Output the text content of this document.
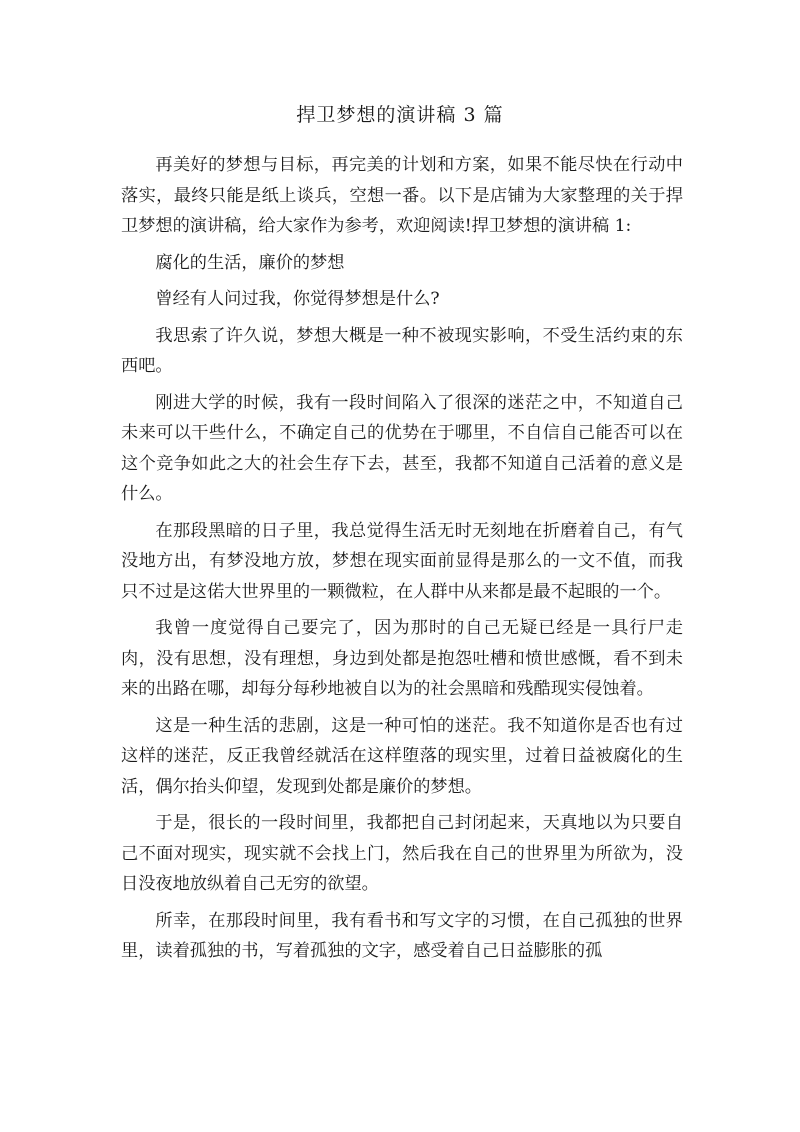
捍卫梦想的演讲稿 3 篇

再美好的梦想与目标，再完美的计划和方案，如果不能尽快在行动中落实，最终只能是纸上谈兵，空想一番。以下是店铺为大家整理的关于捍卫梦想的演讲稿，给大家作为参考，欢迎阅读!捍卫梦想的演讲稿 1:

腐化的生活，廉价的梦想

曾经有人问过我，你觉得梦想是什么?

我思索了许久说，梦想大概是一种不被现实影响，不受生活约束的东西吧。

刚进大学的时候，我有一段时间陷入了很深的迷茫之中，不知道自己未来可以干些什么，不确定自己的优势在于哪里，不自信自己能否可以在这个竞争如此之大的社会生存下去，甚至，我都不知道自己活着的意义是什么。

在那段黑暗的日子里，我总觉得生活无时无刻地在折磨着自己，有气没地方出，有梦没地方放，梦想在现实面前显得是那么的一文不值，而我只不过是这偌大世界里的一颗微粒，在人群中从来都是最不起眼的一个。

我曾一度觉得自己要完了，因为那时的自己无疑已经是一具行尸走肉，没有思想，没有理想，身边到处都是抱怨吐槽和愤世感慨，看不到未来的出路在哪，却每分每秒地被自以为的社会黑暗和残酷现实侵蚀着。

这是一种生活的悲剧，这是一种可怕的迷茫。我不知道你是否也有过这样的迷茫，反正我曾经就活在这样堕落的现实里，过着日益被腐化的生活，偶尔抬头仰望，发现到处都是廉价的梦想。

于是，很长的一段时间里，我都把自己封闭起来，天真地以为只要自己不面对现实，现实就不会找上门，然后我在自己的世界里为所欲为，没日没夜地放纵着自己无穷的欲望。

所幸，在那段时间里，我有看书和写文字的习惯，在自己孤独的世界里，读着孤独的书，写着孤独的文字，感受着自己日益膨胀的孤
